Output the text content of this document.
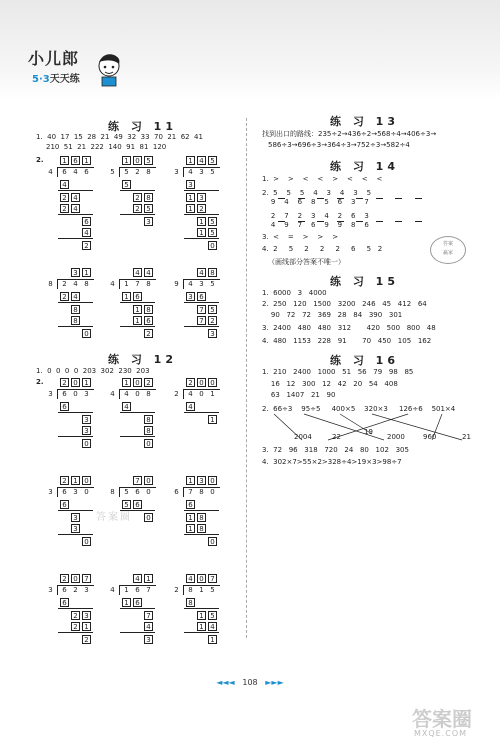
小儿郎
5·3天天练
练 习 11
1.  40  17  15  28  21  49  32  33  70  21  62  41
210  51  21  222  140  91  81  120
2.	1 6 1
4	6 4 6
4
2 4
2 4
6
4
2
1 0 5
5	5 2 8
5
2 8
2 5
3
1 4 5
3	4 3 5
3
1 3
1 2
1 5
1 5
0
3 1
8	2 4 8
2 4
8
8
0
4 4
4	1 7 8
1 6
1 8
1 6
2
4 8
9	4 3 5
3 6
7 5
7 2
3
练 习 12
1.  0  0  0  0  203  302  230  203
2.	2 0 1
3	6 0 3
6
3
3
0
1 0 2
4	4 0 8
4
8
8
0
2 0 0
2	4 0 1
4
1
2 1 0
3	6 3 0
6
3
3
0
7 0
8	5 6 0
5 6
0
1 3 0
6	7 8 0
6
1 8
1 8
0
2 0 7
3	6 2 3
6
2 3
2 1
2
4 1
4	1 6 7
1 6
7
4
3
4 0 7
2	8 1 5
8
1 5
1 4
1
答案圈
练 习 13
找到出口的路线：235÷2→436÷2→568÷4→406÷3→
586÷3→696÷3→364÷3→752÷3→582÷4
练 习 14
1.  >    >    <    <    >    <    <    <
2.  5    5    5    4    3    4    3    5
9    4    6    8    5    6    3    7
2    7    2    3    4    2    6    3
4    9    7    6    9    9    8    6
3.  <    =    >    >    >
4.  2     5     2     2     2     6     5   2
（画线部分答案不唯一）
答案
赢家
练 习 15
1.  6000   3   4000
2.  250   120   1500   3200   246   45   412   64
90   72   72   369   28   84   390   301
3.  2400   480   480   312       420   500   800   48
4.  480   1153   228   91       70   450   105   162
练 习 16
1.  210   2400   1000   51   56   79   98   85
16   12   300   12   42   20   54   408
63   1407   21   90
2.  66÷3    95÷5     400×5    320×3     126÷6    501×4
2004	22
19
2000	960	21
3.  72   96   318   720   24   80   102   305
4.  302×7>55×2>328÷4>19×3>98÷7
◄◄◄ 108 ►►►
答案圈
MXQE.COM
